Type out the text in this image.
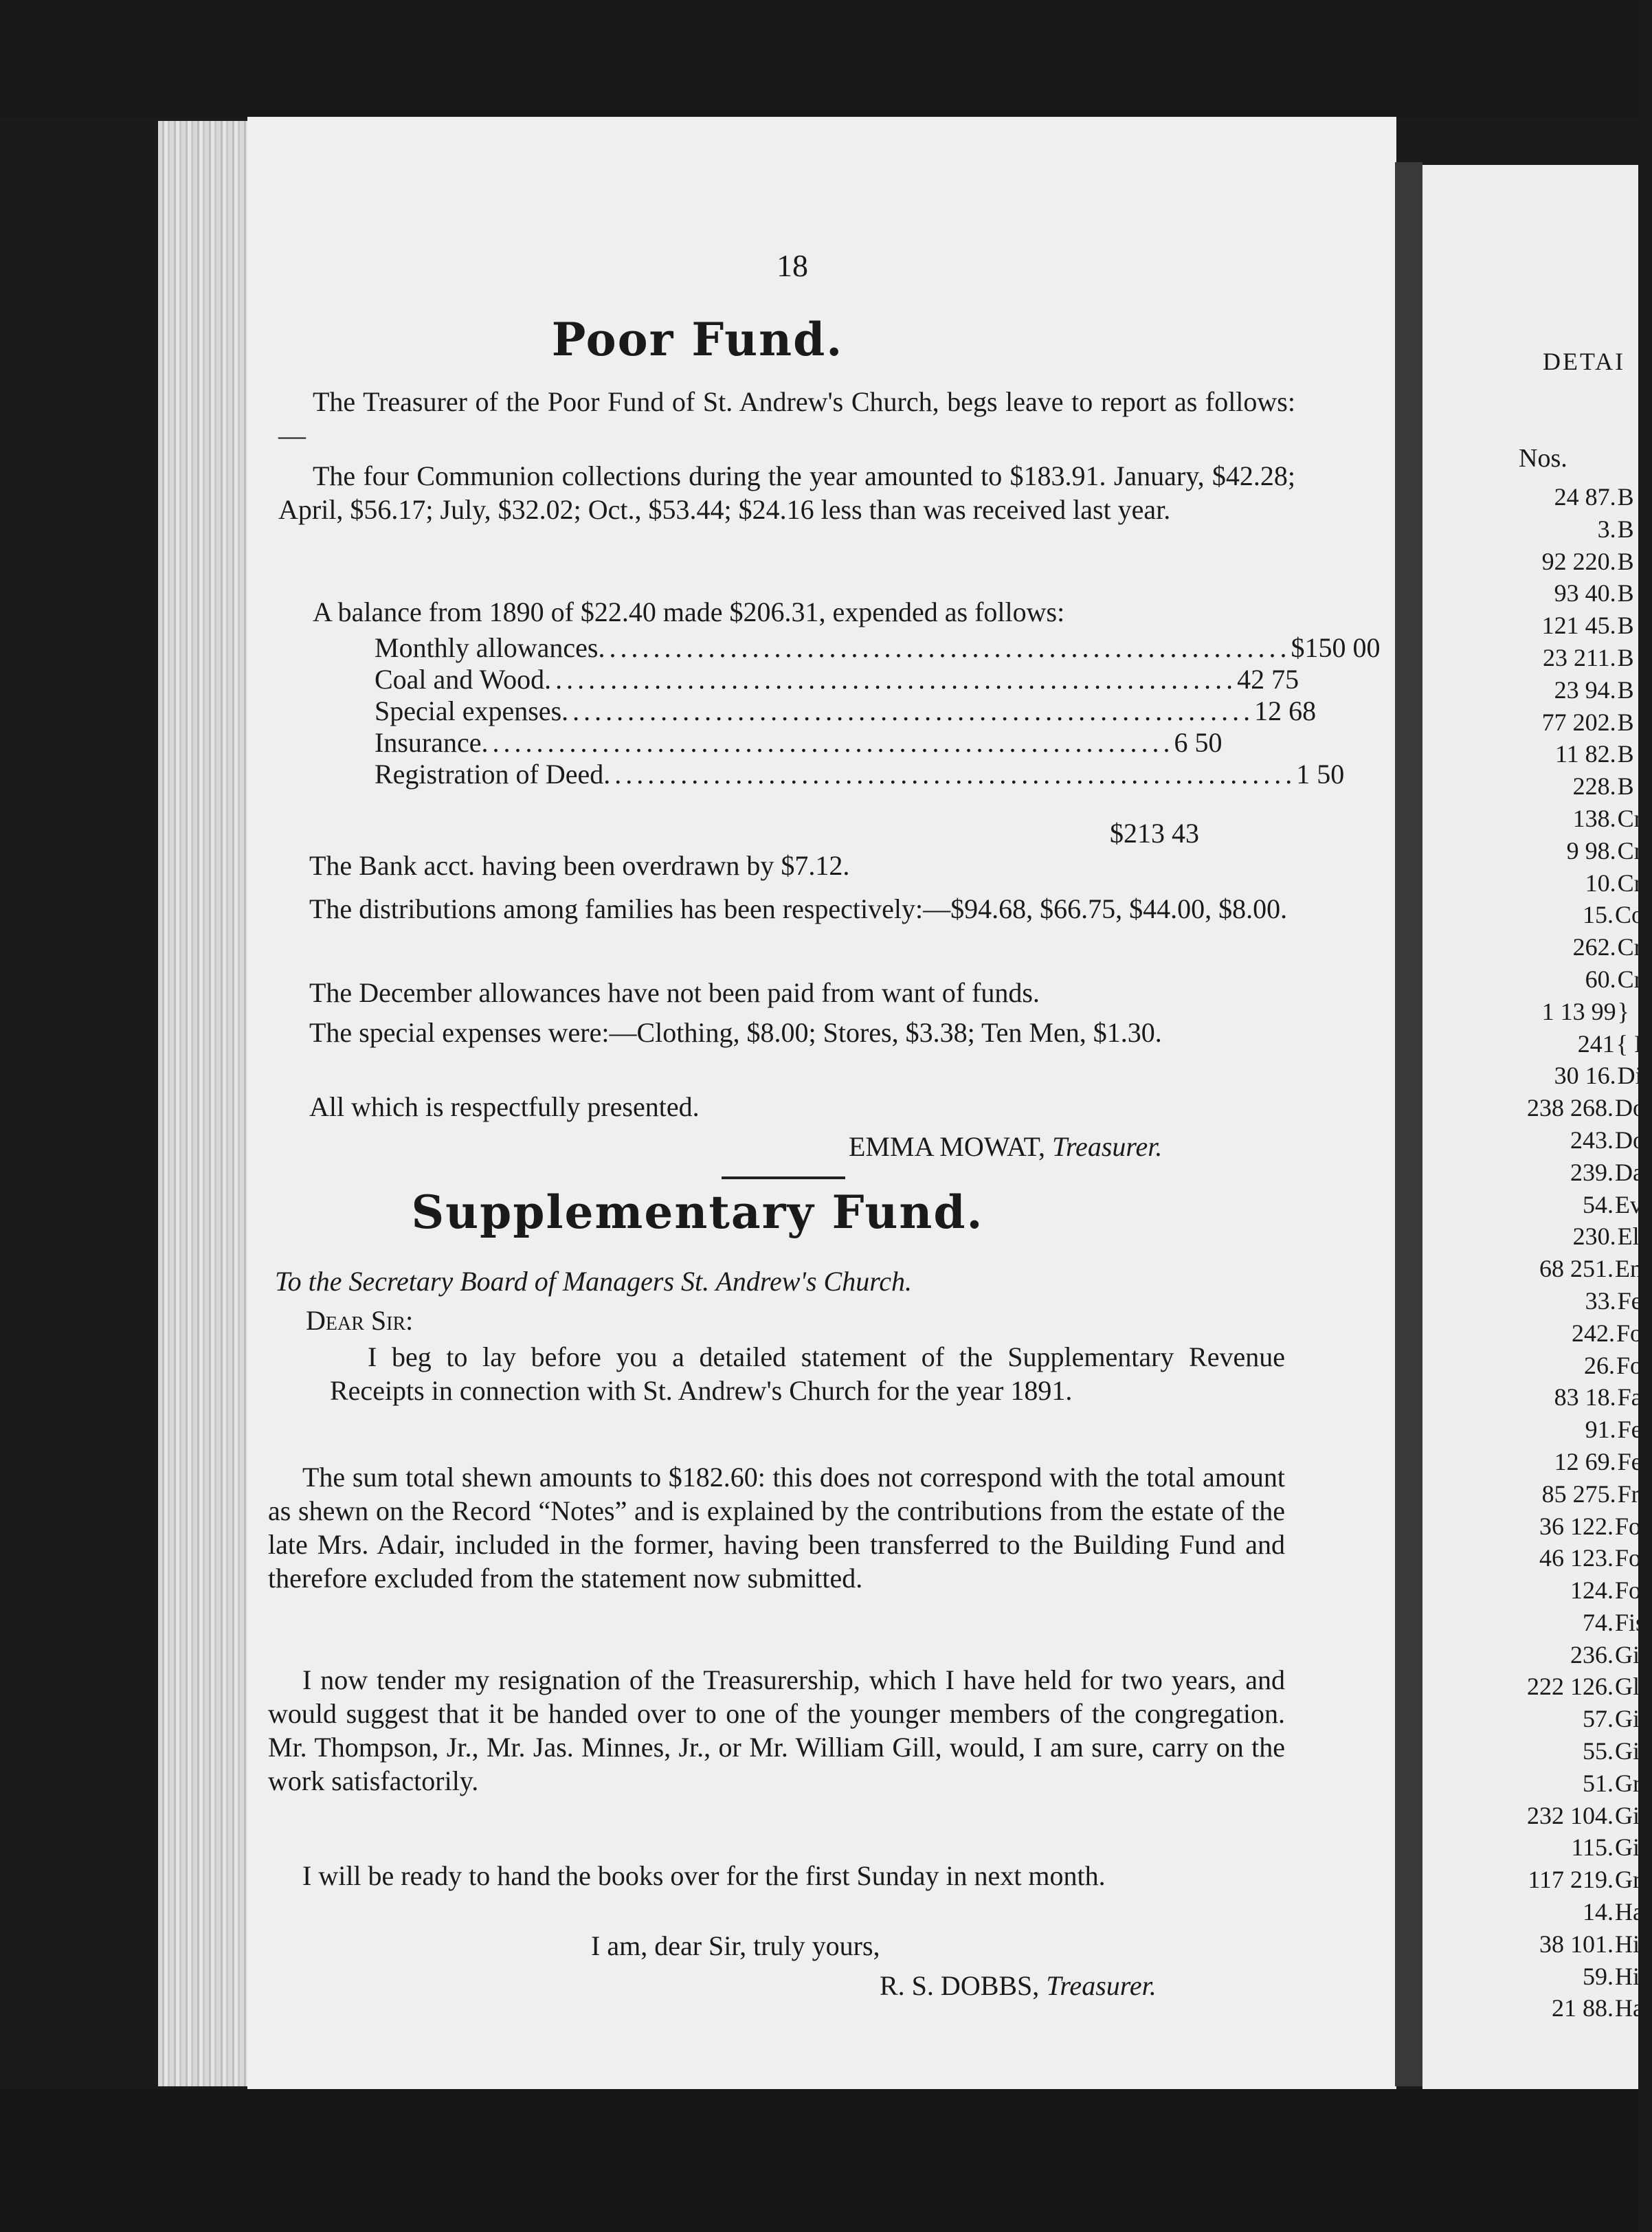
18
Poor Fund.
The Treasurer of the Poor Fund of St. Andrew's Church, begs leave to report as follows:—
The four Communion collections during the year amounted to $183.91. January, $42.28; April, $56.17; July, $32.02; Oct., $53.44; $24.16 less than was received last year.
A balance from 1890 of $22.40 made $206.31, expended as follows:
Monthly allowances ............................................................... $150 00
Coal and Wood ............................................................... 42 75
Special expenses ............................................................... 12 68
Insurance ............................................................... 6 50
Registration of Deed ............................................................... 1 50
$213 43
The Bank acct. having been overdrawn by $7.12.
The distributions among families has been respectively:—$94.68, $66.75, $44.00, $8.00.
The December allowances have not been paid from want of funds.
The special expenses were:—Clothing, $8.00; Stores, $3.38; Ten Men, $1.30.
All which is respectfully presented.
EMMA MOWAT, Treasurer.
Supplementary Fund.
To the Secretary Board of Managers St. Andrew's Church.
Dear Sir:
I beg to lay before you a detailed statement of the Supplementary Revenue Receipts in connection with St. Andrew's Church for the year 1891.
The sum total shewn amounts to $182.60: this does not correspond with the total amount as shewn on the Record “Notes” and is explained by the contributions from the estate of the late Mrs. Adair, included in the former, having been transferred to the Building Fund and therefore excluded from the statement now submitted.
I now tender my resignation of the Treasurership, which I have held for two years, and would suggest that it be handed over to one of the younger members of the congregation. Mr. Thompson, Jr., Mr. Jas. Minnes, Jr., or Mr. William Gill, would, I am sure, carry on the work satisfactorily.
I will be ready to hand the books over for the first Sunday in next month.
I am, dear Sir, truly yours,
R. S. DOBBS, Treasurer.
DETAI
Nos.
24 87. B
3. B
92 220. B
93 40. B
121 45. B
23 211. B
23 94. B
77 202. B
11 82. B
228. B
138. Cr
9 98. Cr
10. Cr
15. Co
262. Cr
60. Cr
1 13 99 }
241 { I
30 16. Di
238 268. Do
243. Do
239. Da
54. Ev
230. El
68 251. En
33. Fe
242. Fo
26. Fo
83 18. Fa
91. Fe
12 69. Fe
85 275. Fr
36 122. Fol
46 123. Fol
124. Fol
74. Fis
236. Gil
222 126. Gla
57. Gil
55. Gil
51. Gra
232 104. Gib
115. Gib
117 219. Gra
14. Har
38 101. His
59. His
21 88. Har
